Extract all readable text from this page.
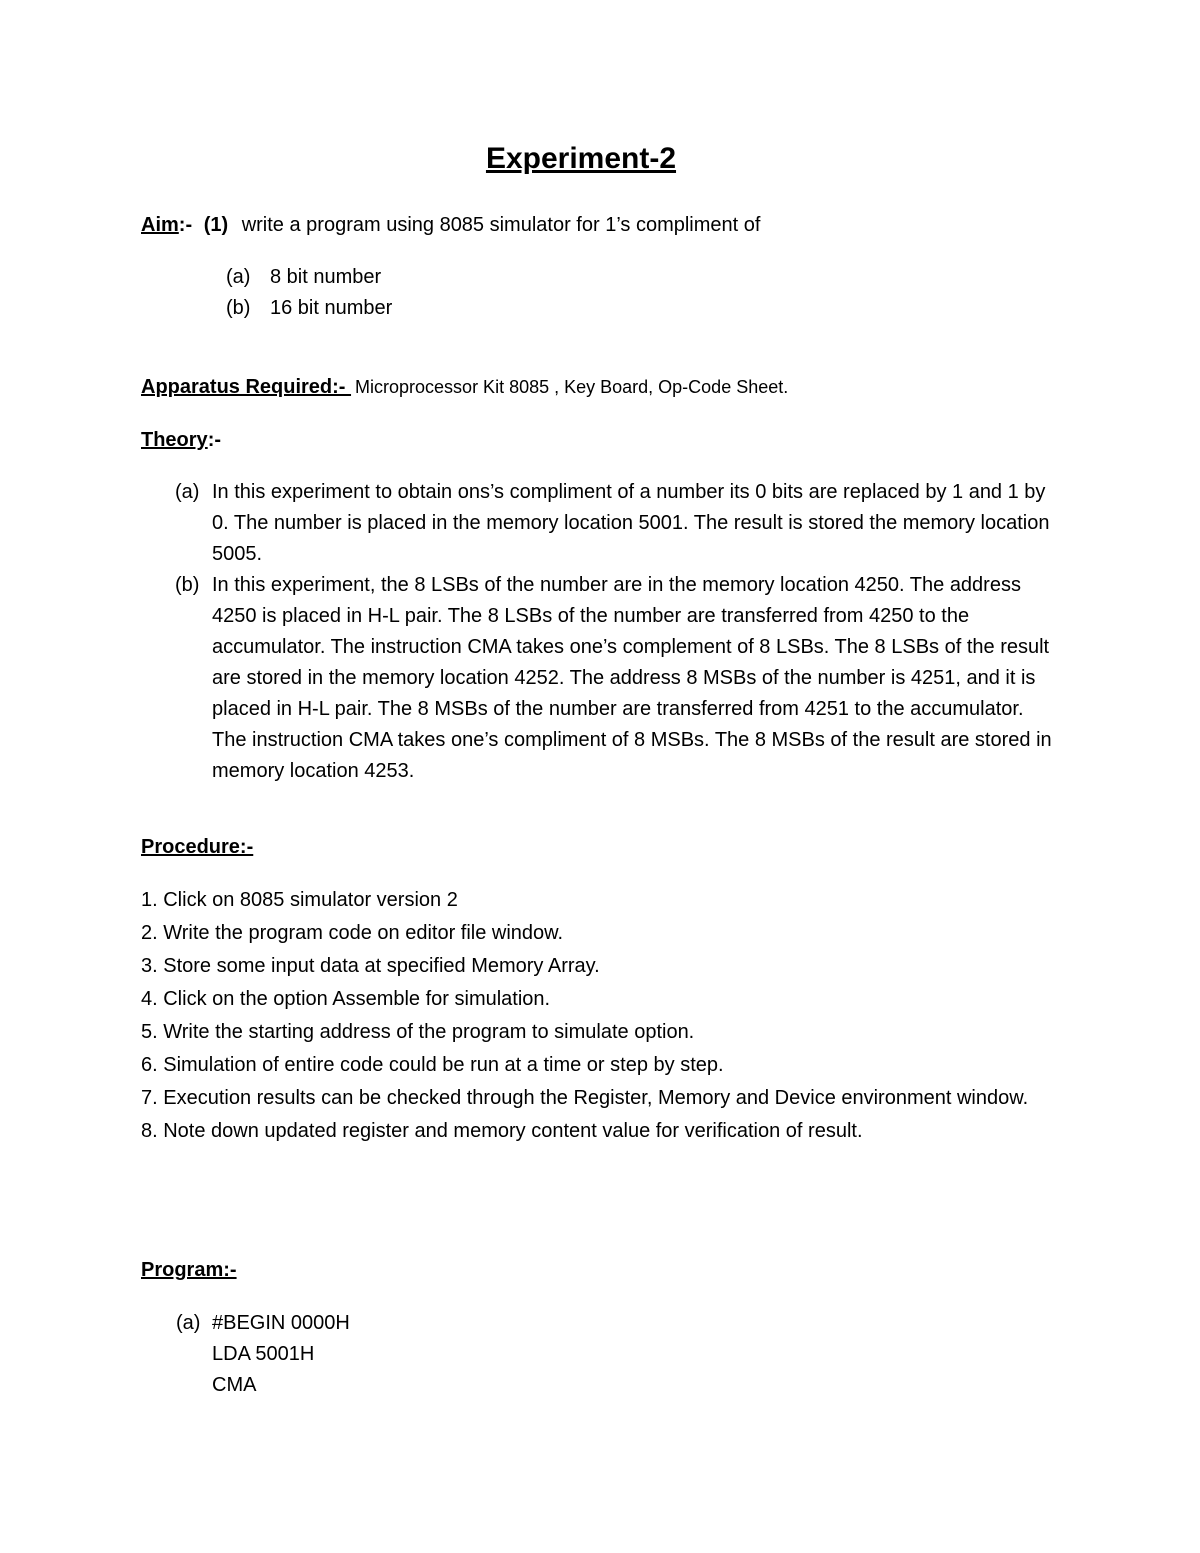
Experiment-2
Aim:- (1) write a program using 8085 simulator for 1’s compliment of
(a) 8 bit number
(b) 16 bit number
Apparatus Required:- Microprocessor Kit 8085 , Key Board, Op-Code Sheet.
Theory:-
(a) In this experiment to obtain ons’s compliment of a number its 0 bits are replaced by 1 and 1 by 0. The number is placed in the memory location 5001. The result is stored the memory location 5005.
(b) In this experiment, the 8 LSBs of the number are in the memory location 4250. The address 4250 is placed in H-L pair. The 8 LSBs of the number are transferred from 4250 to the accumulator. The instruction CMA takes one’s complement of 8 LSBs. The 8 LSBs of the result are stored in the memory location 4252. The address 8 MSBs of the number is 4251, and it is placed in H-L pair. The 8 MSBs of the number are transferred from 4251 to the accumulator. The instruction CMA takes one’s compliment of 8 MSBs. The 8 MSBs of the result are stored in memory location 4253.
Procedure:-
1. Click on 8085 simulator version 2
2. Write the program code on editor file window.
3. Store some input data at specified Memory Array.
4. Click on the option Assemble for simulation.
5. Write the starting address of the program to simulate option.
6. Simulation of entire code could be run at a time or step by step.
7. Execution results can be checked through the Register, Memory and Device environment window.
8. Note down updated register and memory content value for verification of result.
Program:-
(a) #BEGIN 0000H
LDA 5001H
CMA
